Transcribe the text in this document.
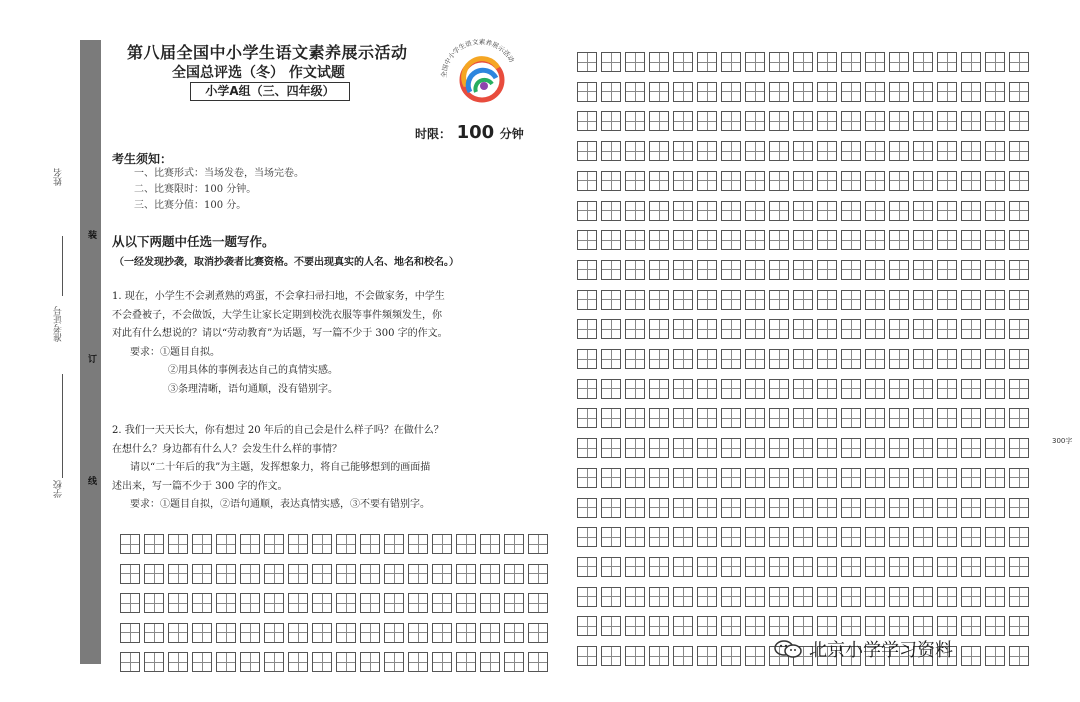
姓名
准考证号
学校
装
订
线
第八届全国中小学生语文素养展示活动
全国总评选（冬） 作文试题
小学A组（三、四年级）
全国中小学生语文素养展示活动
时限： 100 分钟
考生须知：
一、比赛形式：当场发卷，当场完卷。
二、比赛限时：100 分钟。
三、比赛分值：100 分。
从以下两题中任选一题写作。
（一经发现抄袭，取消抄袭者比赛资格。不要出现真实的人名、地名和校名。）
1. 现在，小学生不会剥煮熟的鸡蛋，不会拿扫帚扫地，不会做家务，中学生
不会叠被子，不会做饭，大学生让家长定期到校洗衣服等事件频频发生，你
对此有什么想说的？请以“劳动教育”为话题，写一篇不少于 300 字的作文。
要求：①题目自拟。
②用具体的事例表达自己的真情实感。
③条理清晰，语句通顺，没有错别字。
2. 我们一天天长大，你有想过 20 年后的自己会是什么样子吗？在做什么？
在想什么？身边都有什么人？会发生什么样的事情？
请以“二十年后的我”为主题，发挥想象力，将自己能够想到的画面描
述出来，写一篇不少于 300 字的作文。
要求：①题目自拟，②语句通顺，表达真情实感，③不要有错别字。
300字
北京小学学习资料
